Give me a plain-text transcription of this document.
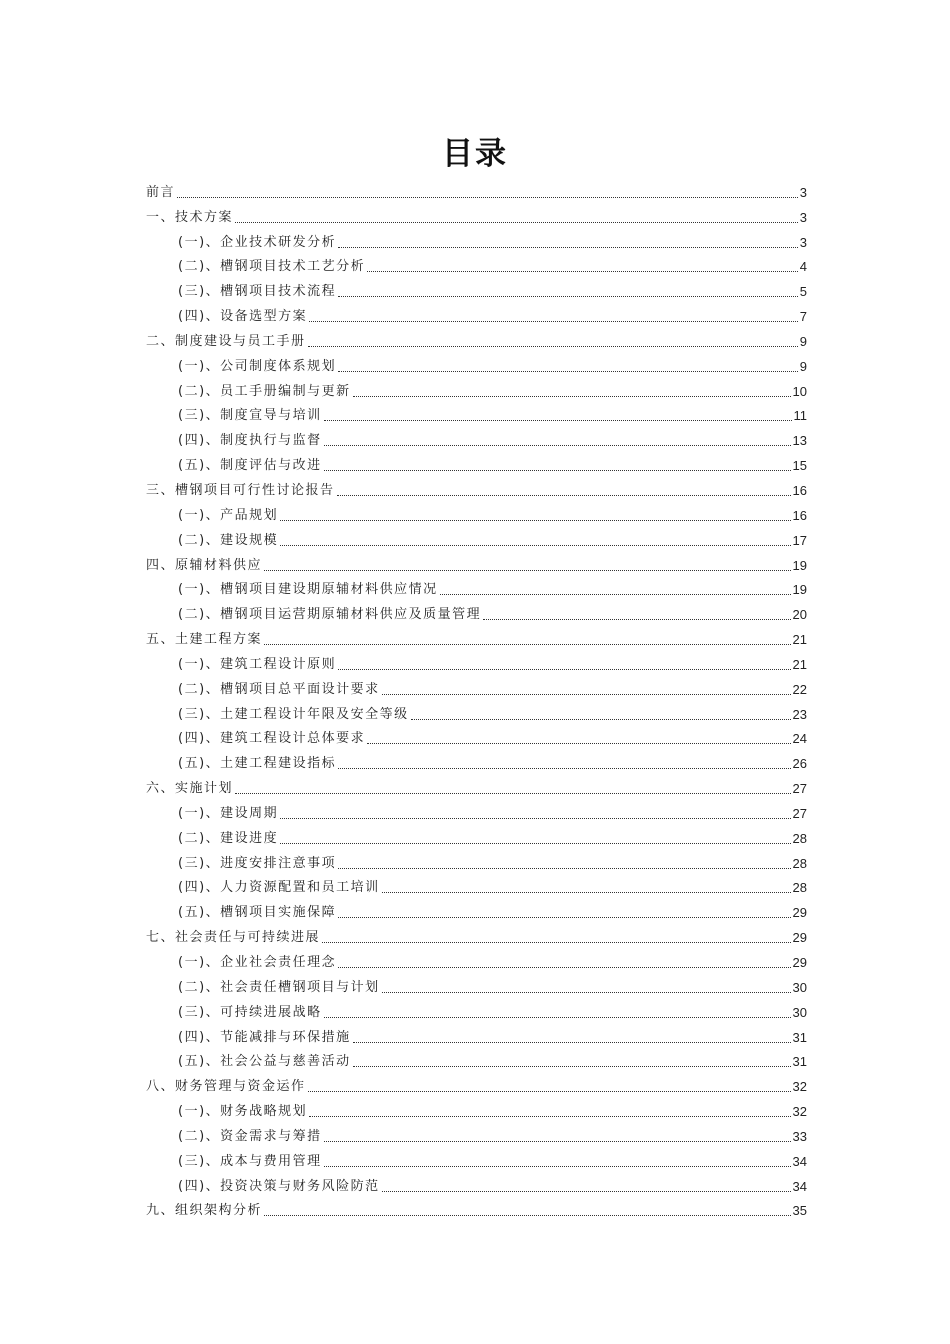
目录
前言	3
一、技术方案	3
(一)、企业技术研发分析	3
(二)、槽钢项目技术工艺分析	4
(三)、槽钢项目技术流程	5
(四)、设备选型方案	7
二、制度建设与员工手册	9
(一)、公司制度体系规划	9
(二)、员工手册编制与更新	10
(三)、制度宣导与培训	11
(四)、制度执行与监督	13
(五)、制度评估与改进	15
三、槽钢项目可行性讨论报告	16
(一)、产品规划	16
(二)、建设规模	17
四、原辅材料供应	19
(一)、槽钢项目建设期原辅材料供应情况	19
(二)、槽钢项目运营期原辅材料供应及质量管理	20
五、土建工程方案	21
(一)、建筑工程设计原则	21
(二)、槽钢项目总平面设计要求	22
(三)、土建工程设计年限及安全等级	23
(四)、建筑工程设计总体要求	24
(五)、土建工程建设指标	26
六、实施计划	27
(一)、建设周期	27
(二)、建设进度	28
(三)、进度安排注意事项	28
(四)、人力资源配置和员工培训	28
(五)、槽钢项目实施保障	29
七、社会责任与可持续进展	29
(一)、企业社会责任理念	29
(二)、社会责任槽钢项目与计划	30
(三)、可持续进展战略	30
(四)、节能减排与环保措施	31
(五)、社会公益与慈善活动	31
八、财务管理与资金运作	32
(一)、财务战略规划	32
(二)、资金需求与筹措	33
(三)、成本与费用管理	34
(四)、投资决策与财务风险防范	34
九、组织架构分析	35
